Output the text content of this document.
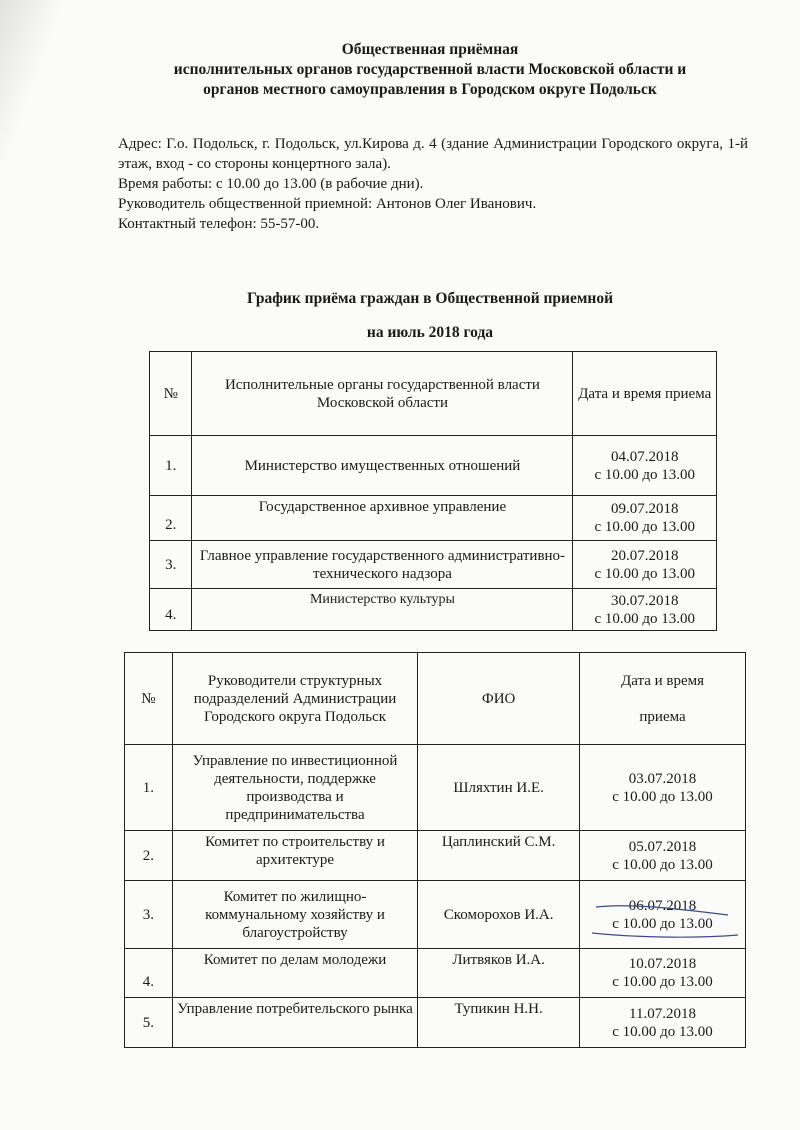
Общественная приёмная
исполнительных органов государственной власти Московской области и
органов местного самоуправления в Городском округе Подольск
Адрес: Г.о. Подольск, г. Подольск, ул.Кирова д. 4 (здание Администрации Городского округа, 1-й этаж, вход - со стороны концертного зала).
Время работы: с 10.00 до 13.00 (в рабочие дни).
Руководитель общественной приемной: Антонов Олег Иванович.
Контактный телефон: 55-57-00.
График приёма граждан в Общественной приемной
на июль 2018 года
№	Исполнительные органы государственной власти Московской области	Дата и время приема
1.	Министерство имущественных отношений	04.07.2018
с 10.00 до 13.00

2.	Государственное архивное управление	09.07.2018
с 10.00 до 13.00

3.	Главное управление государственного административно-технического надзора	20.07.2018
с 10.00 до 13.00

4.	Министерство культуры	30.07.2018
с 10.00 до 13.00
№	Руководители структурных подразделений Администрации Городского округа Подольск	ФИО	Дата и время
приема

1.	Управление по инвестиционной деятельности, поддержке производства и предпринимательства	Шляхтин И.Е.	03.07.2018
с 10.00 до 13.00

2.	Комитет по строительству и архитектуре	Цаплинский С.М.	05.07.2018
с 10.00 до 13.00

3.	Комитет по жилищно-коммунальному хозяйству и благоустройству	Скоморохов И.А.	06.07.2018
с 10.00 до 13.00

4.	Комитет по делам молодежи	Литвяков И.А.	10.07.2018
с 10.00 до 13.00

5.	Управление потребительского рынка	Тупикин Н.Н.	11.07.2018
с 10.00 до 13.00
